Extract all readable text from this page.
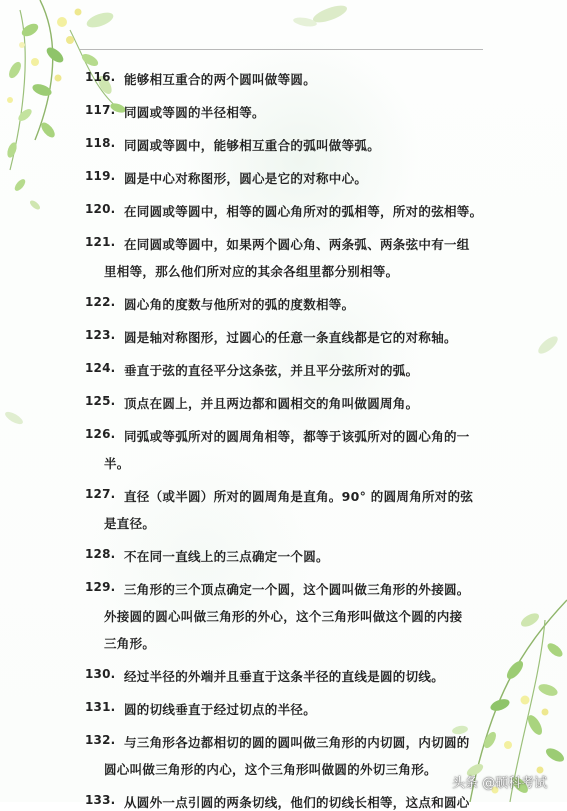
116. 能够相互重合的两个圆叫做等圆。
117. 同圆或等圆的半径相等。
118. 同圆或等圆中，能够相互重合的弧叫做等弧。
119. 圆是中心对称图形，圆心是它的对称中心。
120. 在同圆或等圆中，相等的圆心角所对的弧相等，所对的弦相等。
121. 在同圆或等圆中，如果两个圆心角、两条弧、两条弦中有一组
里相等，那么他们所对应的其余各组里都分别相等。
122. 圆心角的度数与他所对的弧的度数相等。
123. 圆是轴对称图形，过圆心的任意一条直线都是它的对称轴。
124. 垂直于弦的直径平分这条弦，并且平分弦所对的弧。
125. 顶点在圆上，并且两边都和圆相交的角叫做圆周角。
126. 同弧或等弧所对的圆周角相等，都等于该弧所对的圆心角的一
半。
127. 直径（或半圆）所对的圆周角是直角。90° 的圆周角所对的弦
是直径。
128. 不在同一直线上的三点确定一个圆。
129. 三角形的三个顶点确定一个圆，这个圆叫做三角形的外接圆。
外接圆的圆心叫做三角形的外心，这个三角形叫做这个圆的内接
三角形。
130. 经过半径的外端并且垂直于这条半径的直线是圆的切线。
131. 圆的切线垂直于经过切点的半径。
132. 与三角形各边都相切的圆的圆叫做三角形的内切圆，内切圆的
圆心叫做三角形的内心，这个三角形叫做圆的外切三角形。
133. 从圆外一点引圆的两条切线，他们的切线长相等，这点和圆心
头条 @硕科考试
